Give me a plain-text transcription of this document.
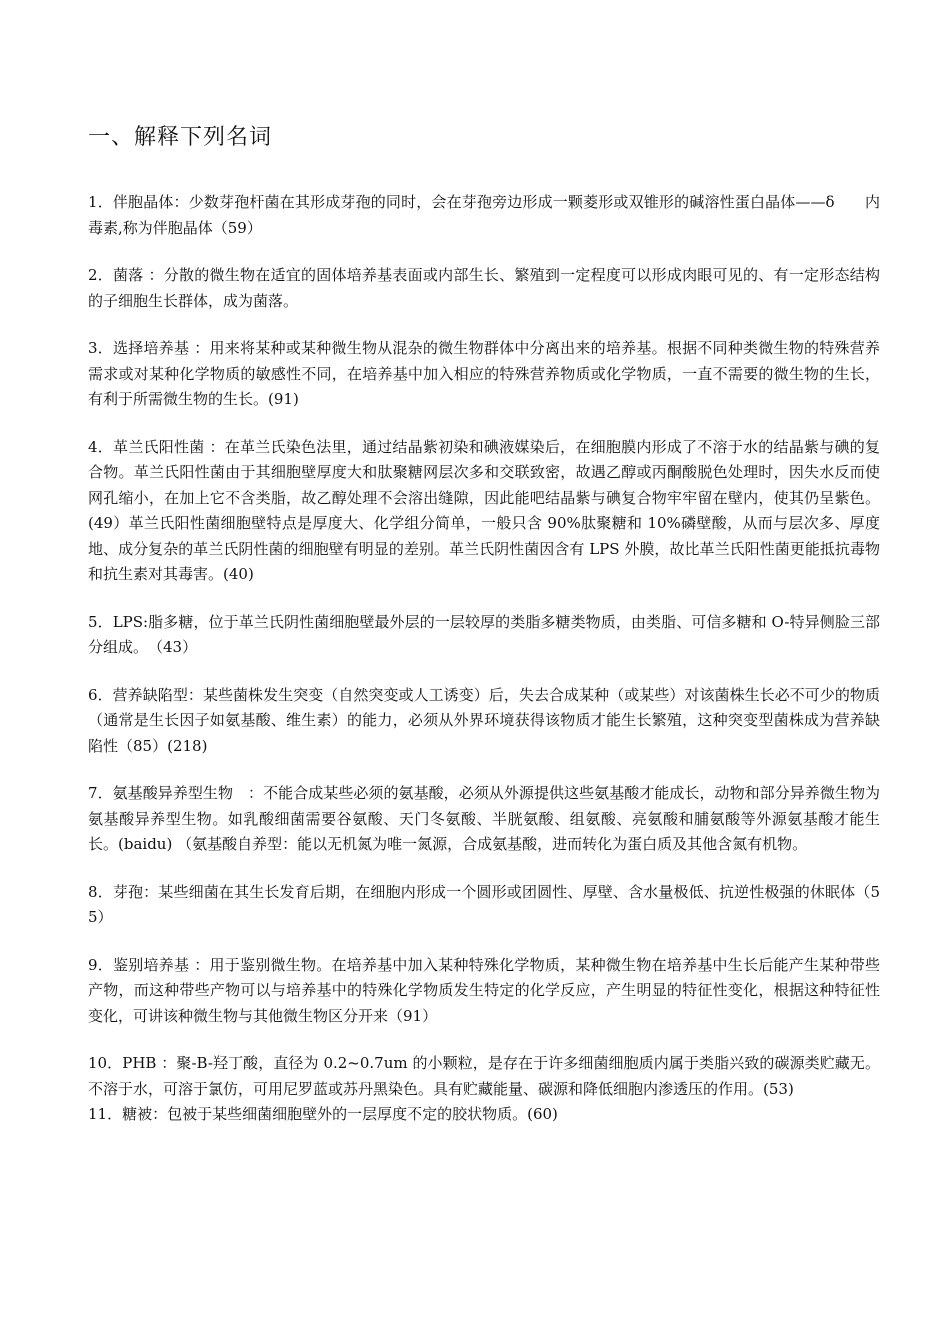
一、解释下列名词

1．伴胞晶体：少数芽孢杆菌在其形成芽孢的同时，会在芽孢旁边形成一颗菱形或双锥形的碱溶性蛋白晶体——δ　　内毒素,称为伴胞晶体（59）

2．菌落 ：分散的微生物在适宜的固体培养基表面或内部生长、繁殖到一定程度可以形成肉眼可见的、有一定形态结构的子细胞生长群体，成为菌落。

3．选择培养基 ：用来将某种或某种微生物从混杂的微生物群体中分离出来的培养基。根据不同种类微生物的特殊营养需求或对某种化学物质的敏感性不同，在培养基中加入相应的特殊营养物质或化学物质，一直不需要的微生物的生长，有利于所需微生物的生长。(91)

4．革兰氏阳性菌 ：在革兰氏染色法里，通过结晶紫初染和碘液媒染后，在细胞膜内形成了不溶于水的结晶紫与碘的复合物。革兰氏阳性菌由于其细胞壁厚度大和肽聚糖网层次多和交联致密，故遇乙醇或丙酮酸脱色处理时，因失水反而使网孔缩小，在加上它不含类脂，故乙醇处理不会溶出缝隙，因此能吧结晶紫与碘复合物牢牢留在壁内，使其仍呈紫色。(49）革兰氏阳性菌细胞壁特点是厚度大、化学组分简单，一般只含 90%肽聚糖和 10%磷壁酸，从而与层次多、厚度地、成分复杂的革兰氏阴性菌的细胞壁有明显的差别。革兰氏阴性菌因含有 LPS 外膜，故比革兰氏阳性菌更能抵抗毒物和抗生素对其毒害。(40)

5．LPS:脂多糖，位于革兰氏阴性菌细胞壁最外层的一层较厚的类脂多糖类物质，由类脂、可信多糖和 O-特异侧脸三部分组成。　（43）

6．营养缺陷型：某些菌株发生突变（自然突变或人工诱变）后，失去合成某种（或某些）对该菌株生长必不可少的物质（通常是生长因子如氨基酸、维生素）的能力，必须从外界环境获得该物质才能生长繁殖，这种突变型菌株成为营养缺陷性（85）(218)

7．氨基酸异养型生物　：不能合成某些必须的氨基酸，必须从外源提供这些氨基酸才能成长，动物和部分异养微生物为氨基酸异养型生物。如乳酸细菌需要谷氨酸、天门冬氨酸、半胱氨酸、组氨酸、亮氨酸和脯氨酸等外源氨基酸才能生长。(baidu) （氨基酸自养型：能以无机氮为唯一氮源，合成氨基酸，进而转化为蛋白质及其他含氮有机物。

8．芽孢：某些细菌在其生长发育后期，在细胞内形成一个圆形或团圆性、厚壁、含水量极低、抗逆性极强的休眠体（55）

9．鉴别培养基 ：用于鉴别微生物。在培养基中加入某种特殊化学物质，某种微生物在培养基中生长后能产生某种带些产物，而这种带些产物可以与培养基中的特殊化学物质发生特定的化学反应，产生明显的特征性变化，根据这种特征性变化，可讲该种微生物与其他微生物区分开来（91）

10．PHB ：聚-B-羟丁酸，直径为 0.2~0.7um 的小颗粒，是存在于许多细菌细胞质内属于类脂兴致的碳源类贮藏无。不溶于水，可溶于氯仿，可用尼罗蓝或苏丹黑染色。具有贮藏能量、碳源和降低细胞内渗透压的作用。(53)

11．糖被：包被于某些细菌细胞壁外的一层厚度不定的胶状物质。(60)
